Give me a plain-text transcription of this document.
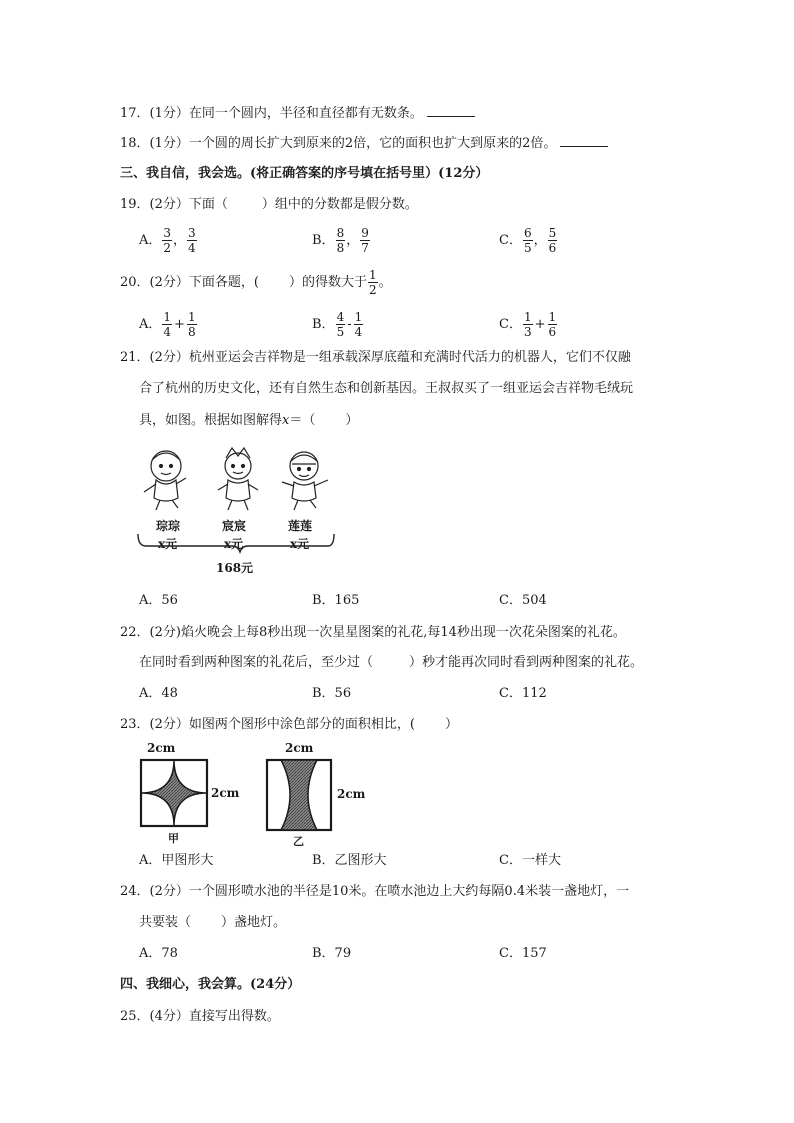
17．(1分）在同一个圆内，半径和直径都有无数条。
18．(1分）一个圆的周长扩大到原来的2倍，它的面积也扩大到原来的2倍。
三、我自信，我会选。(将正确答案的序号填在括号里）(12分）
19．(2分）下面（	）组中的分数都是假分数。
A． $\frac{3}{2}$ ， $\frac{3}{4}$	B． $\frac{8}{8}$ ， $\frac{9}{7}$	C． $\frac{6}{5}$ ， $\frac{5}{6}$
20．(2分）下面各题，( ）的得数大于 $\frac{1}{2}$ 。
A． $\frac{1}{4} + \frac{1}{8}$	B． $\frac{4}{5} - \frac{1}{4}$	C． $\frac{1}{3} + \frac{1}{6}$
21．(2分）杭州亚运会吉祥物是一组承载深厚底蕴和充满时代活力的机器人，它们不仅融
合了杭州的历史文化，还有自然生态和创新基因。王叔叔买了一组亚运会吉祥物毛绒玩
具，如图。根据如图解得x＝（ ）
琮琮	宸宸	莲莲
x元	x元	x元
168元
A．56	B．165	C．504
22．(2分)焰火晚会上每8秒出现一次星星图案的礼花,每14秒出现一次花朵图案的礼花。
在同时看到两种图案的礼花后，至少过（	）秒才能再次同时看到两种图案的礼花。
A．48	B．56	C．112
23．(2分）如图两个图形中涂色部分的面积相比，( ）
2cm
2cm
甲
2cm
2cm
乙
A．甲图形大	B．乙图形大	C．一样大
24．(2分）一个圆形喷水池的半径是10米。在喷水池边上大约每隔0.4米装一盏地灯，一
共要装（ ）盏地灯。
A．78	B．79	C．157
四、我细心，我会算。(24分）
25．(4分）直接写出得数。
